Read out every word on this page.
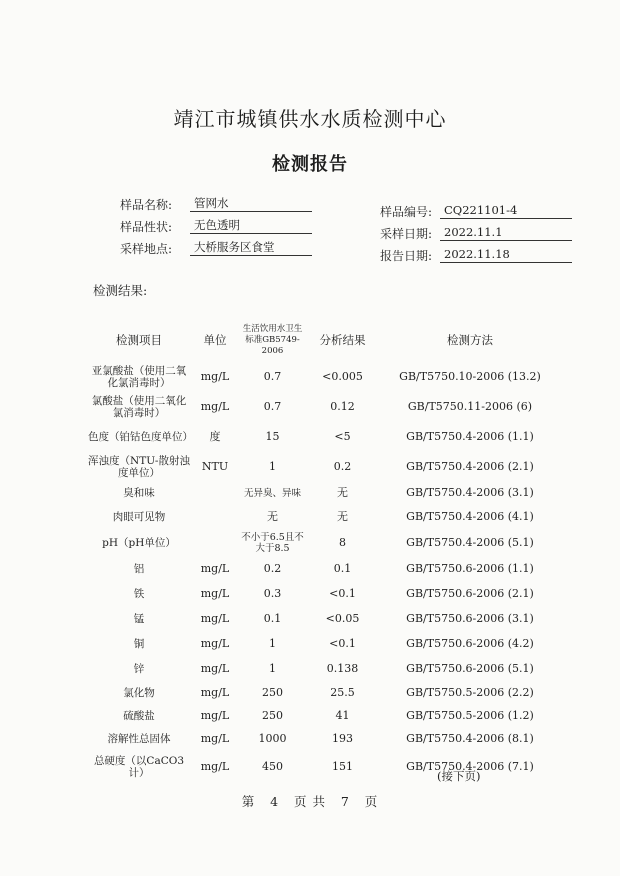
靖江市城镇供水水质检测中心
检测报告
样品名称:	管网水
样品性状:	无色透明
采样地点:	大桥服务区食堂
样品编号:	CQ221101-4
采样日期:	2022.11.1
报告日期:	2022.11.18
检测结果:
检测项目	单位	生活饮用水卫生标准GB5749-2006	分析结果	检测方法
亚氯酸盐（使用二氧化氯消毒时）	mg/L	0.7	<0.005	GB/T5750.10-2006 (13.2)
氯酸盐（使用二氧化氯消毒时）	mg/L	0.7	0.12	GB/T5750.11-2006 (6)
色度（铂钴色度单位）	度	15	<5	GB/T5750.4-2006 (1.1)
浑浊度（NTU-散射浊度单位）	NTU	1	0.2	GB/T5750.4-2006 (2.1)
臭和味		无异臭、异味	无	GB/T5750.4-2006 (3.1)
肉眼可见物		无	无	GB/T5750.4-2006 (4.1)
pH（pH单位）		不小于6.5且不大于8.5	8	GB/T5750.4-2006 (5.1)
铝	mg/L	0.2	0.1	GB/T5750.6-2006 (1.1)
铁	mg/L	0.3	<0.1	GB/T5750.6-2006 (2.1)
锰	mg/L	0.1	<0.05	GB/T5750.6-2006 (3.1)
铜	mg/L	1	<0.1	GB/T5750.6-2006 (4.2)
锌	mg/L	1	0.138	GB/T5750.6-2006 (5.1)
氯化物	mg/L	250	25.5	GB/T5750.5-2006 (2.2)
硫酸盐	mg/L	250	41	GB/T5750.5-2006 (1.2)
溶解性总固体	mg/L	1000	193	GB/T5750.4-2006 (8.1)
总硬度（以CaCO3计）	mg/L	450	151	GB/T5750.4-2006 (7.1)
(接下页)
第 4 页 共 7 页
